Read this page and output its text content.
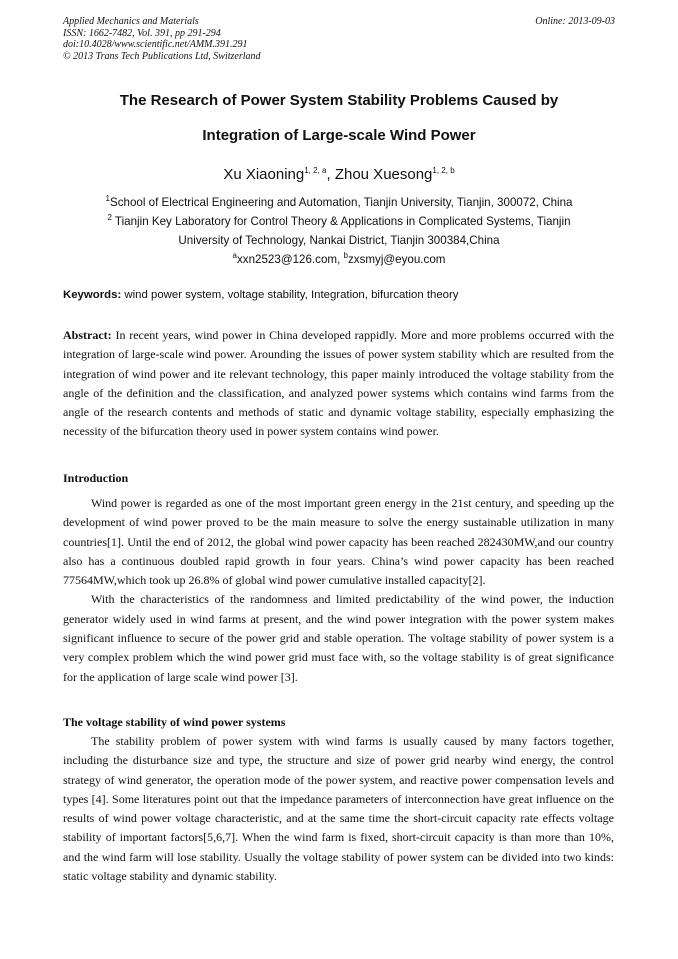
Applied Mechanics and Materials
ISSN: 1662-7482, Vol. 391, pp 291-294
doi:10.4028/www.scientific.net/AMM.391.291
© 2013 Trans Tech Publications Ltd, Switzerland
Online: 2013-09-03
The Research of Power System Stability Problems Caused by
Integration of Large-scale Wind Power
Xu Xiaoning$^{1, 2, a}$, Zhou Xuesong$^{1, 2, b}$
$^1$School of Electrical Engineering and Automation, Tianjin University, Tianjin, 300072, China
$^2$ Tianjin Key Laboratory for Control Theory & Applications in Complicated Systems, Tianjin
University of Technology, Nankai District, Tianjin 300384,China
$^a$xxn2523@126.com, $^b$zxsmyj@eyou.com
Keywords: wind power system, voltage stability, Integration, bifurcation theory
Abstract: In recent years, wind power in China developed rappidly. More and more problems occurred with the integration of large-scale wind power. Arounding the issues of power system stability which are resulted from the integration of wind power and ite relevant technology, this paper mainly introduced the voltage stability from the angle of the definition and the classification, and analyzed power systems which contains wind farms from the angle of the research contents and methods of static and dynamic voltage stability, especially emphasizing the necessity of the bifurcation theory used in power system contains wind power.
Introduction

Wind power is regarded as one of the most important green energy in the 21st century, and speeding up the development of wind power proved to be the main measure to solve the energy sustainable utilization in many countries[1]. Until the end of 2012, the global wind power capacity has been reached 282430MW,and our country also has a continuous doubled rapid growth in four years. China’s wind power capacity has been reached 77564MW,which took up 26.8% of global wind power cumulative installed capacity[2].

With the characteristics of the randomness and limited predictability of the wind power, the induction generator widely used in wind farms at present, and the wind power integration with the power system makes significant influence to secure of the power grid and stable operation. The voltage stability of power system is a very complex problem which the wind power grid must face with, so the voltage stability is of great significance for the application of large scale wind power [3].

The voltage stability of wind power systems

The stability problem of power system with wind farms is usually caused by many factors together, including the disturbance size and type, the structure and size of power grid nearby wind energy, the control strategy of wind generator, the operation mode of the power system, and reactive power compensation levels and types [4]. Some literatures point out that the impedance parameters of interconnection have great influence on the results of wind power voltage characteristic, and at the same time the short-circuit capacity rate effects voltage stability of important factors[5,6,7]. When the wind farm is fixed, short-circuit capacity is than more than 10%, and the wind farm will lose stability. Usually the voltage stability of power system can be divided into two kinds: static voltage stability and dynamic stability.
